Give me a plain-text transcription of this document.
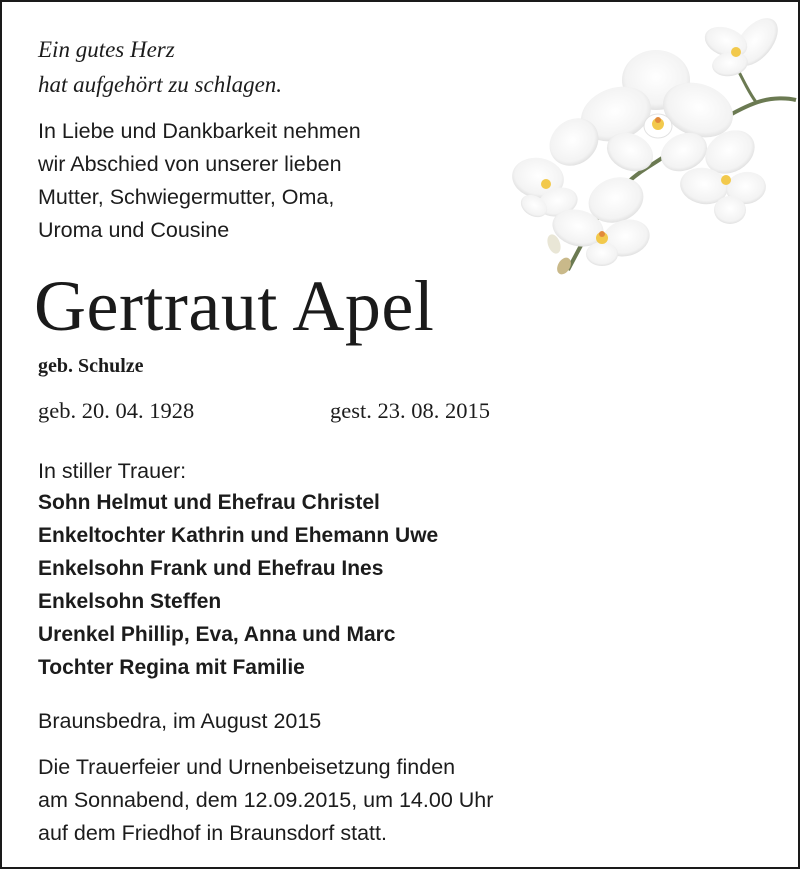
Ein gutes Herz
hat aufgehört zu schlagen.
In Liebe und Dankbarkeit nehmen
wir Abschied von unserer lieben
Mutter, Schwiegermutter, Oma,
Uroma und Cousine
Gertraut Apel
geb. Schulze
geb. 20. 04. 1928	gest. 23. 08. 2015
In stiller Trauer:
Sohn Helmut und Ehefrau Christel
Enkeltochter Kathrin und Ehemann Uwe
Enkelsohn Frank und Ehefrau Ines
Enkelsohn Steffen
Urenkel Phillip, Eva, Anna und Marc
Tochter Regina mit Familie
Braunsbedra, im August 2015
Die Trauerfeier und Urnenbeisetzung finden
am Sonnabend, dem 12.09.2015, um 14.00 Uhr
auf dem Friedhof in Braunsdorf statt.
